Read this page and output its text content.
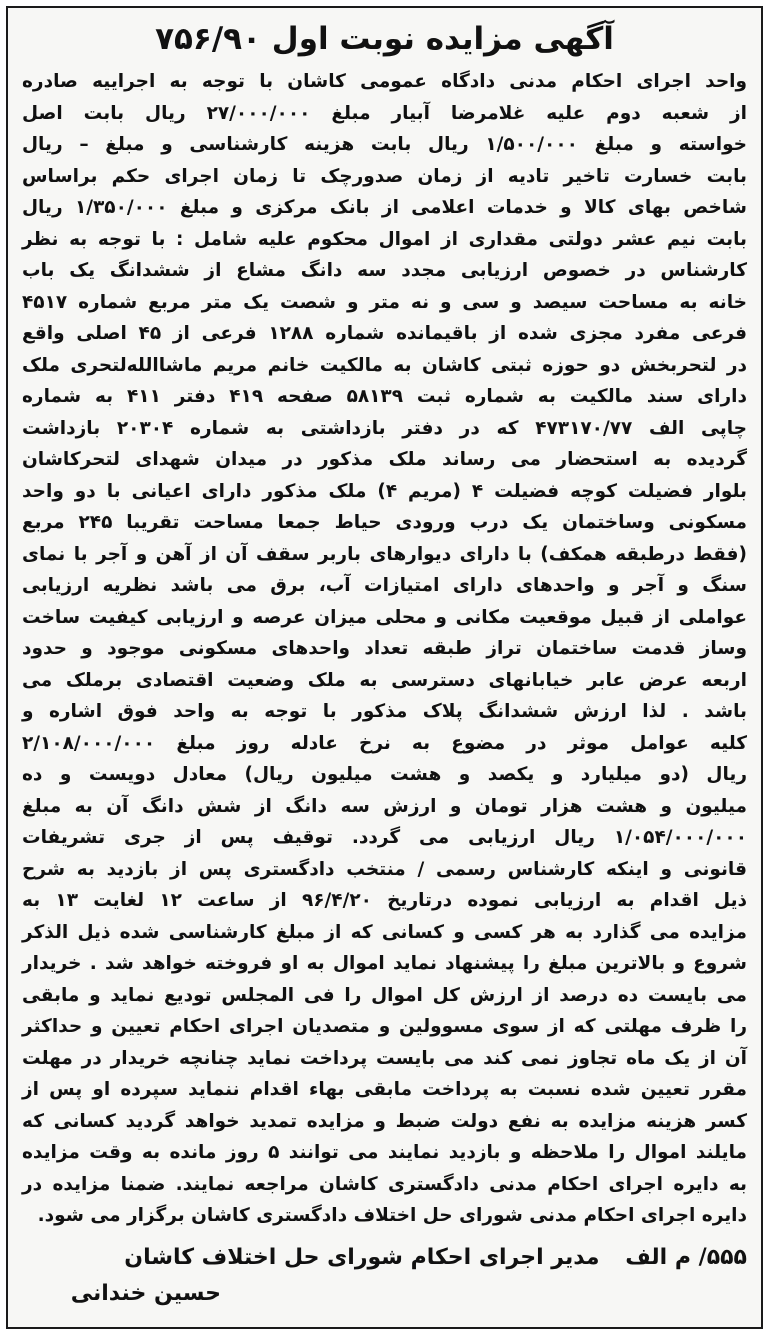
آگهی مزایده نوبت اول ۷۵۶/۹۰
واحد اجرای احکام مدنی دادگاه عمومی کاشان با توجه به اجراییه صادره
از شعبه دوم علیه غلامرضا آبیار مبلغ ۲۷/۰۰۰/۰۰۰ ریال بابت اصل
خواسته و مبلغ ۱/۵۰۰/۰۰۰ ریال بابت هزینه کارشناسی و مبلغ – ریال
بابت خسارت تاخیر تادیه از زمان صدورچک تا زمان اجرای حکم براساس
شاخص بهای کالا و خدمات اعلامی از بانک مرکزی و مبلغ ۱/۳۵۰/۰۰۰ ریال
بابت نیم عشر دولتی مقداری از اموال محکوم علیه شامل : با توجه به نظر
کارشناس در خصوص ارزیابی مجدد سه دانگ مشاع از ششدانگ یک باب
خانه به مساحت سیصد و سی و نه متر و شصت یک متر مربع شماره ۴۵۱۷
فرعی مفرد مجزی شده از باقیمانده شماره ۱۲۸۸ فرعی از ۴۵ اصلی واقع
در لتحربخش دو حوزه ثبتی کاشان به مالکیت خانم مریم ماشاالله‌لتحری ملک
دارای سند مالکیت به شماره ثبت ۵۸۱۳۹ صفحه ۴۱۹ دفتر ۴۱۱ به شماره
چاپی الف ۴۷۳۱۷۰/۷۷ که در دفتر بازداشتی به شماره ۲۰۳۰۴ بازداشت
گردیده به استحضار می رساند ملک مذکور در میدان شهدای لتحرکاشان
بلوار فضیلت کوچه فضیلت ۴ (مریم ۴) ملک مذکور دارای اعیانی با دو واحد
مسکونی وساختمان یک درب ورودی حیاط جمعا مساحت تقریبا ۲۴۵ مربع
(فقط درطبقه همکف) با دارای دیوارهای باربر سقف آن از آهن و آجر با نمای
سنگ و آجر و واحدهای دارای امتیازات آب، برق می باشد نظریه ارزیابی
عواملی از قبیل موقعیت مکانی و محلی میزان عرصه و ارزیابی کیفیت ساخت
وساز قدمت ساختمان تراز طبقه تعداد واحدهای مسکونی موجود و حدود
اربعه عرض عابر خیابانهای دسترسی به ملک وضعیت اقتصادی برملک می
باشد . لذا ارزش ششدانگ پلاک مذکور با توجه به واحد فوق اشاره و
کلیه عوامل موثر در مضوع به نرخ عادله روز مبلغ ۲/۱۰۸/۰۰۰/۰۰۰
ریال (دو میلیارد و یکصد و هشت میلیون ریال) معادل دویست و ده
میلیون و هشت هزار تومان و ارزش سه دانگ از شش دانگ آن به مبلغ
۱/۰۵۴/۰۰۰/۰۰۰ ریال ارزیابی می گردد. توقیف پس از جری تشریفات
قانونی و اینکه کارشناس رسمی / منتخب دادگستری پس از بازدید به شرح
ذیل اقدام به ارزیابی نموده درتاریخ ۹۶/۴/۲۰ از ساعت ۱۲ لغایت ۱۳ به
مزایده می گذارد به هر کسی و کسانی که از مبلغ کارشناسی شده ذیل الذکر
شروع و بالاترین مبلغ را پیشنهاد نماید اموال به او فروخته خواهد شد . خریدار
می بایست ده درصد از ارزش کل اموال را فی المجلس تودیع نماید و مابقی
را ظرف مهلتی که از سوی مسوولین و متصدیان اجرای احکام تعیین و حداکثر
آن از یک ماه تجاوز نمی کند می بایست پرداخت نماید چنانچه خریدار در مهلت
مقرر تعیین شده نسبت به پرداخت مابقی بهاء اقدام ننماید سپرده او پس از
کسر هزینه مزایده به نفع دولت ضبط و مزایده تمدید خواهد گردید کسانی که
مایلند اموال را ملاحظه و بازدید نمایند می توانند ۵ روز مانده به وقت مزایده
به دایره اجرای احکام مدنی دادگستری کاشان مراجعه نمایند. ضمنا مزایده در
دایره اجرای احکام مدنی شورای حل اختلاف دادگستری کاشان برگزار می شود.
۵۵۵/ م الف مدیر اجرای احکام شورای حل اختلاف کاشان
حسین خندانی
